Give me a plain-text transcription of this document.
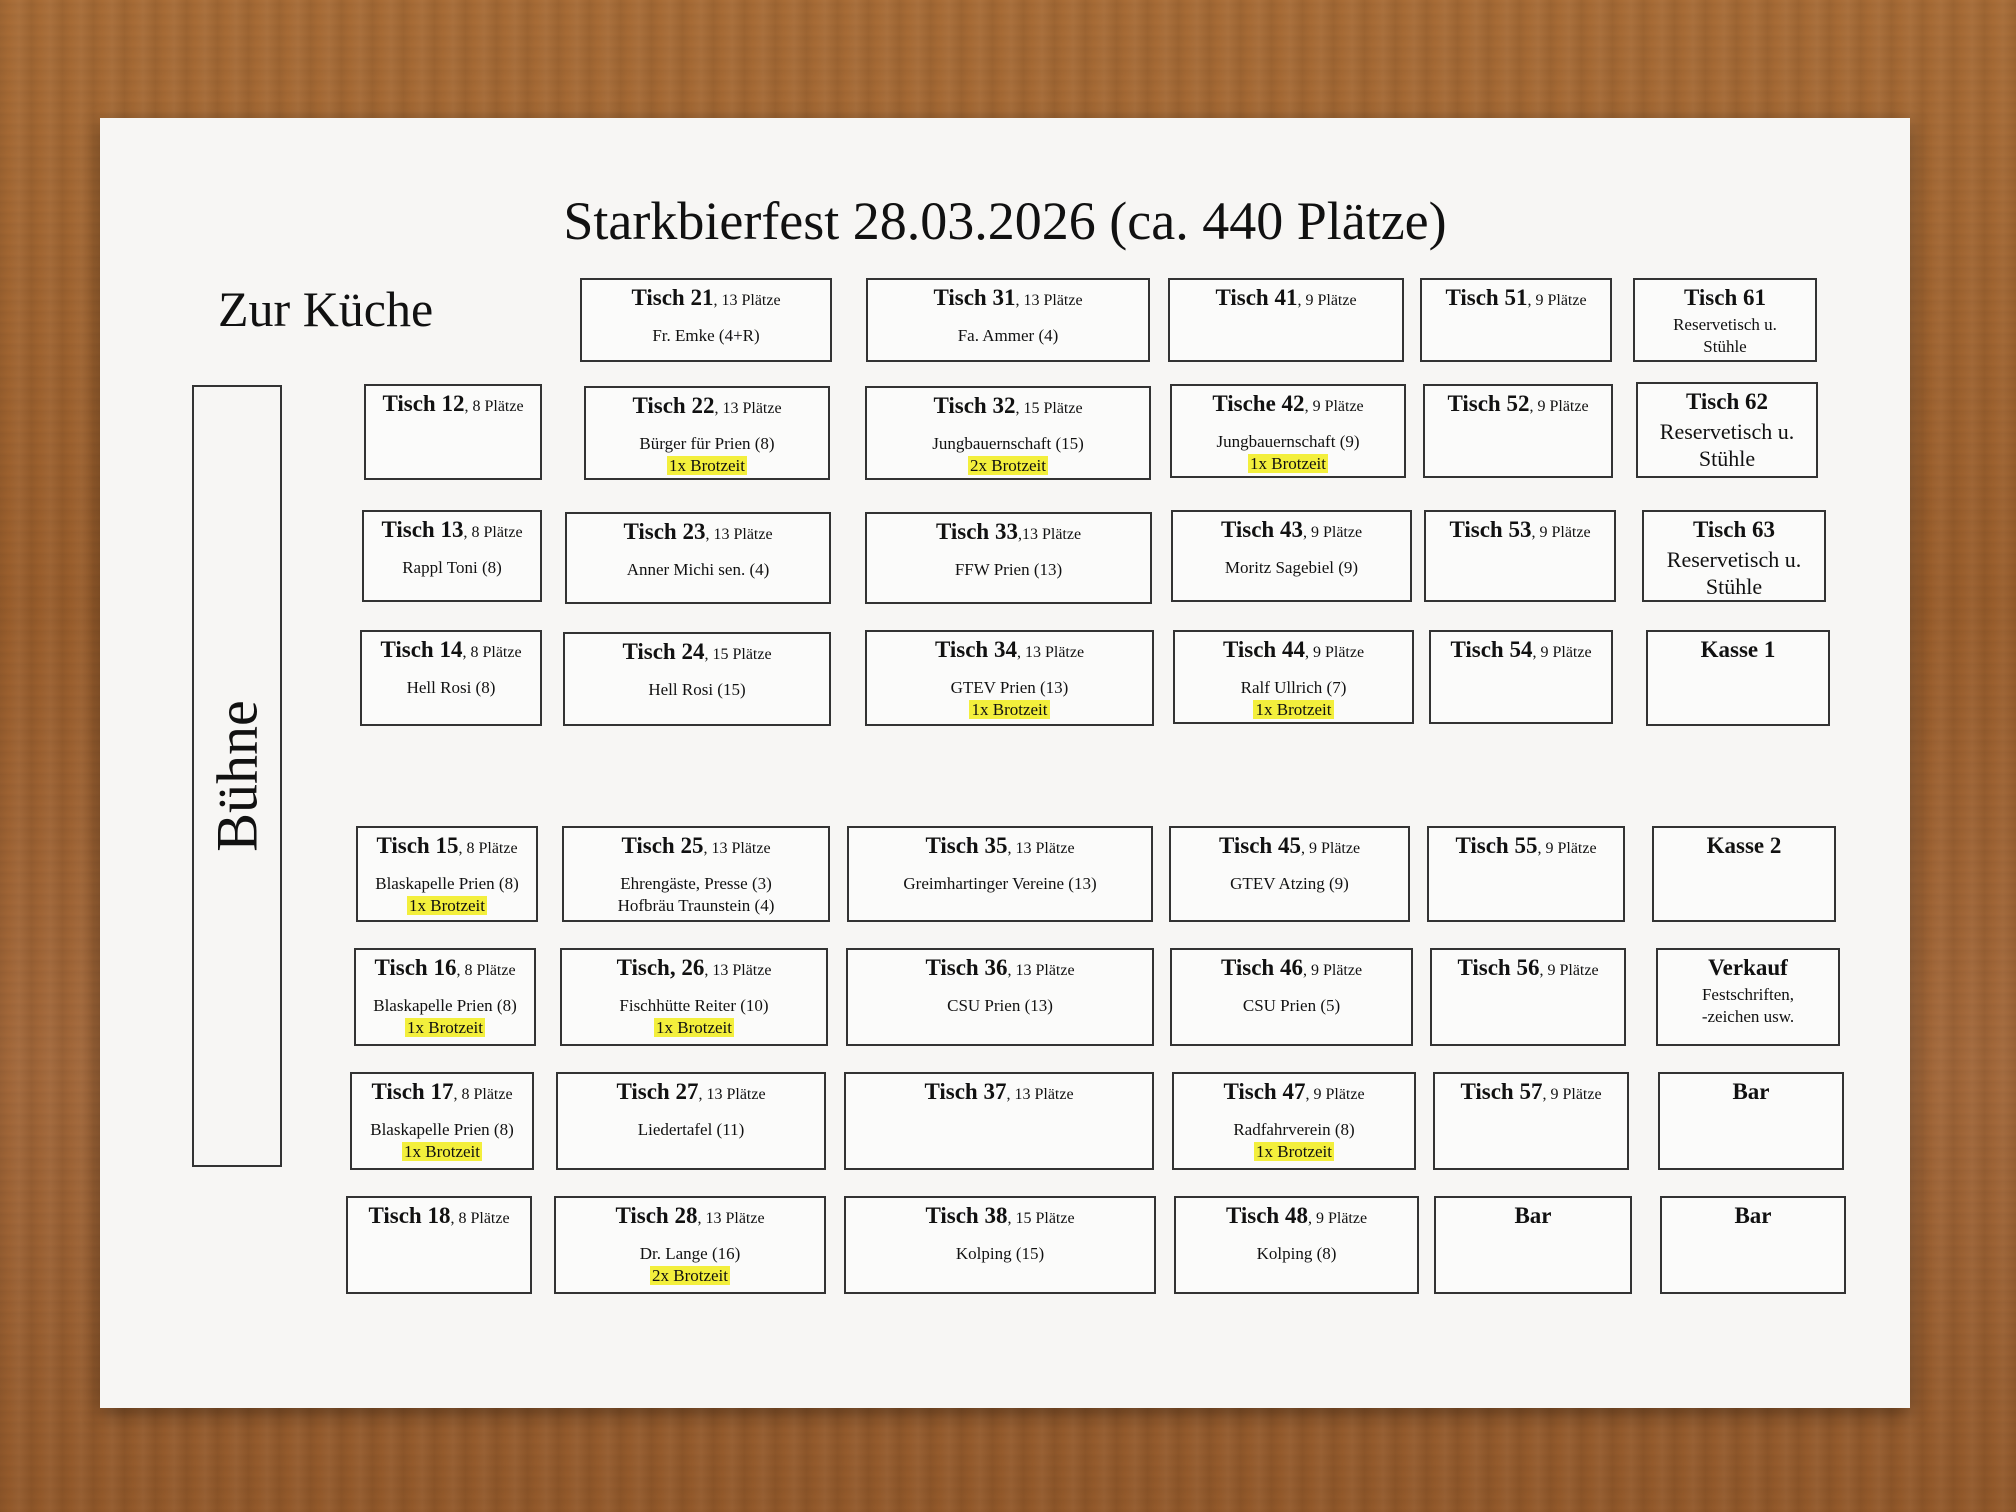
Starkbierfest 28.03.2026 (ca. 440 Plätze)
Zur Küche
Bühne
Tisch 21, 13 Plätze
Fr. Emke (4+R)
Tisch 31, 13 Plätze
Fa. Ammer (4)
Tisch 41, 9 Plätze	Tisch 51, 9 Plätze	Tisch 61
Reservetisch u.
Stühle
Tisch 12, 8 Plätze	Tisch 22, 13 Plätze
Bürger für Prien (8)
1x Brotzeit
Tisch 32, 15 Plätze
Jungbauernschaft (15)
2x Brotzeit
Tische 42, 9 Plätze
Jungbauernschaft (9)
1x Brotzeit
Tisch 52, 9 Plätze	Tisch 62
Reservetisch u.
Stühle
Tisch 13, 8 Plätze
Rappl Toni (8)
Tisch 23, 13 Plätze
Anner Michi sen. (4)
Tisch 33,13 Plätze
FFW Prien (13)
Tisch 43, 9 Plätze
Moritz Sagebiel (9)
Tisch 53, 9 Plätze	Tisch 63
Reservetisch u.
Stühle
Tisch 14, 8 Plätze
Hell Rosi (8)
Tisch 24, 15 Plätze
Hell Rosi (15)
Tisch 34, 13 Plätze
GTEV Prien (13)
1x Brotzeit
Tisch 44, 9 Plätze
Ralf Ullrich (7)
1x Brotzeit
Tisch 54, 9 Plätze	Kasse 1
Tisch 15, 8 Plätze
Blaskapelle Prien (8)
1x Brotzeit
Tisch 25, 13 Plätze
Ehrengäste, Presse (3)
Hofbräu Traunstein (4)
Tisch 35, 13 Plätze
Greimhartinger Vereine (13)
Tisch 45, 9 Plätze
GTEV Atzing (9)
Tisch 55, 9 Plätze	Kasse 2
Tisch 16, 8 Plätze
Blaskapelle Prien (8)
1x Brotzeit
Tisch, 26, 13 Plätze
Fischhütte Reiter (10)
1x Brotzeit
Tisch 36, 13 Plätze
CSU Prien (13)
Tisch 46, 9 Plätze
CSU Prien (5)
Tisch 56, 9 Plätze	Verkauf
Festschriften,
-zeichen usw.
Tisch 17, 8 Plätze
Blaskapelle Prien (8)
1x Brotzeit
Tisch 27, 13 Plätze
Liedertafel (11)
Tisch 37, 13 Plätze	Tisch 47, 9 Plätze
Radfahrverein (8)
1x Brotzeit
Tisch 57, 9 Plätze	Bar
Tisch 18, 8 Plätze	Tisch 28, 13 Plätze
Dr. Lange (16)
2x Brotzeit
Tisch 38, 15 Plätze
Kolping (15)
Tisch 48, 9 Plätze
Kolping (8)
Bar	Bar
